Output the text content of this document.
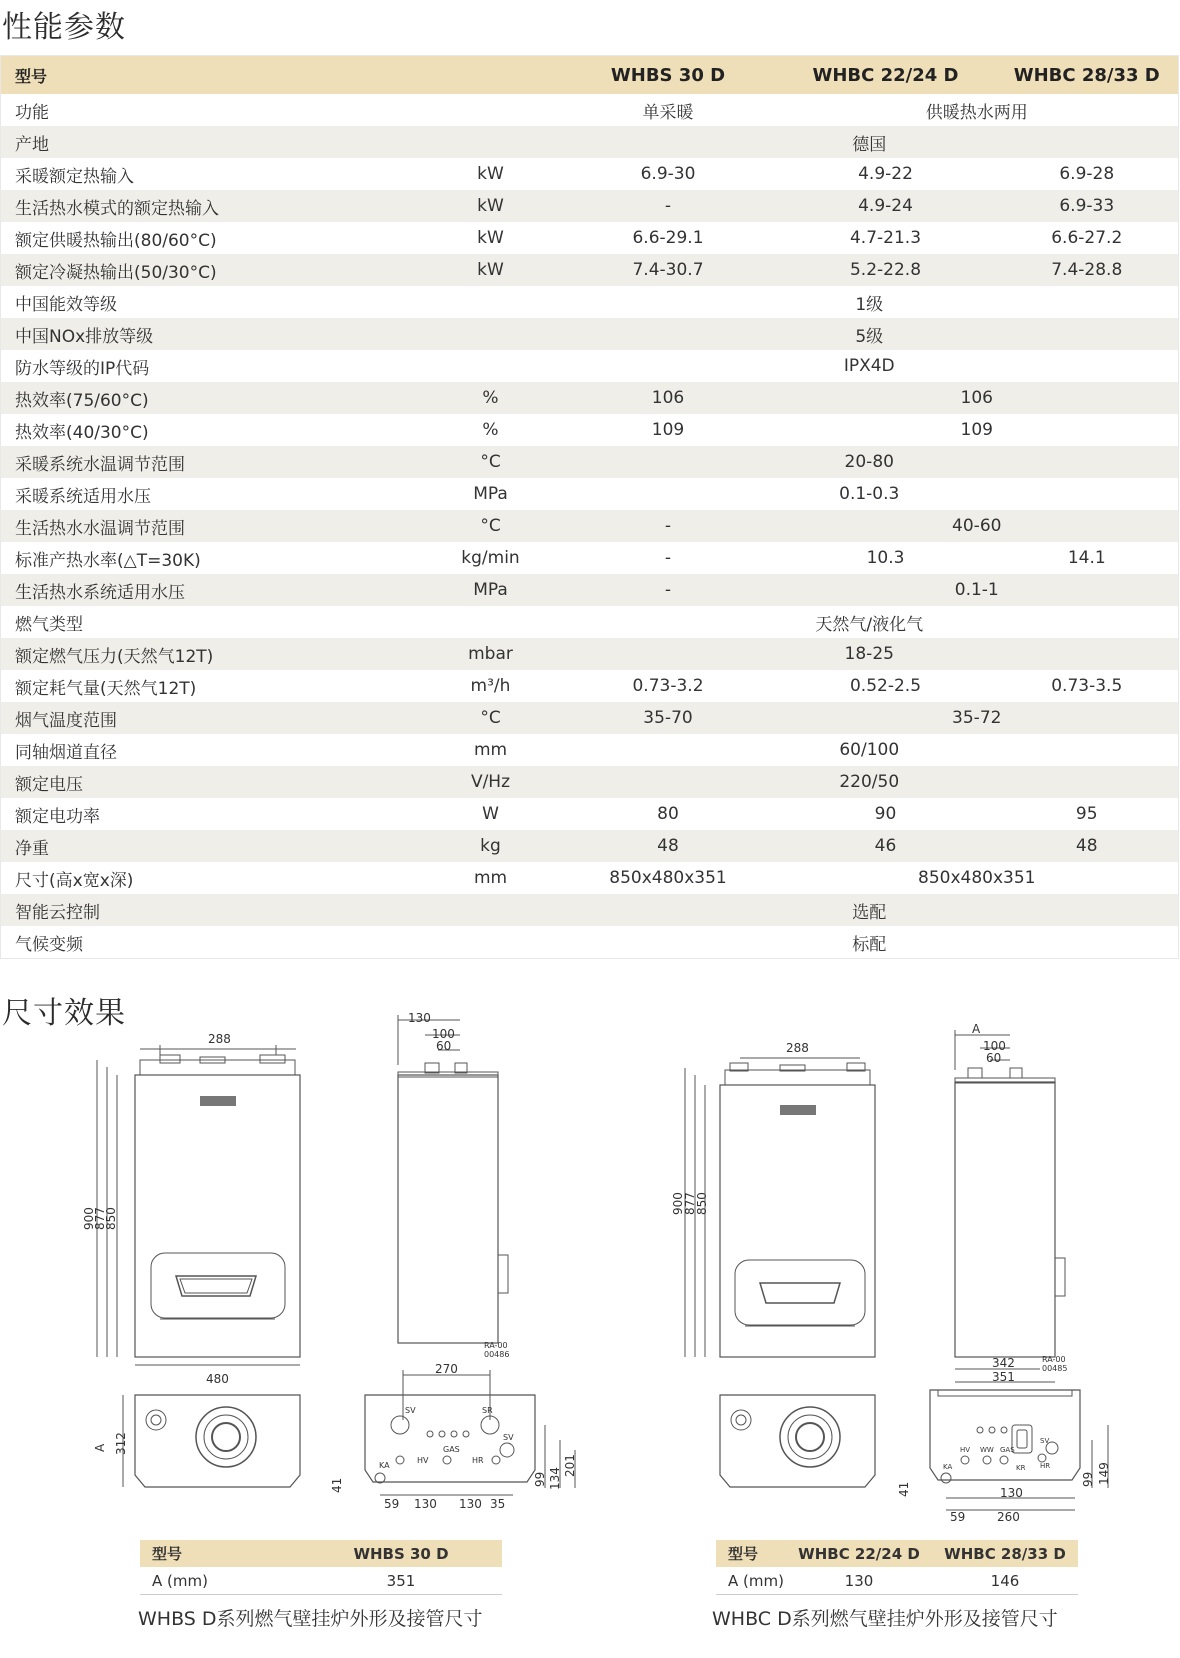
性能参数
型号		WHBS 30 D	WHBC 22/24 D	WHBC 28/33 D
功能		单采暖	供暖热水两用	
产地		德国		
采暖额定热输入	kW	6.9-30	4.9-22	6.9-28
生活热水模式的额定热输入	kW	-	4.9-24	6.9-33
额定供暖热输出(80/60°C)	kW	6.6-29.1	4.7-21.3	6.6-27.2
额定冷凝热输出(50/30°C)	kW	7.4-30.7	5.2-22.8	7.4-28.8
中国能效等级		1级		
中国NOx排放等级		5级		
防水等级的IP代码		IPX4D		
热效率(75/60°C)	%	106	106	
热效率(40/30°C)	%	109	109	
采暖系统水温调节范围	°C	20-80		
采暖系统适用水压	MPa	0.1-0.3		
生活热水水温调节范围	°C	-	40-60	
标准产热水率(△T=30K)	kg/min	-	10.3	14.1
生活热水系统适用水压	MPa	-	0.1-1	
燃气类型		天然气/液化气		
额定燃气压力(天然气12T)	mbar	18-25		
额定耗气量(天然气12T)	m³/h	0.73-3.2	0.52-2.5	0.73-3.5
烟气温度范围	°C	35-70	35-72	
同轴烟道直径	mm	60/100		
额定电压	V/Hz	220/50		
额定电功率	W	80	90	95
净重	kg	48	46	48
尺寸(高x宽x深)	mm	850x480x351	850x480x351	
智能云控制		选配		
气候变频		标配		
尺寸效果
288
480
900
877
850
130
100
60
RA-00
00486
A 312
270
SV	SR
SV
GAS
HV	HR
KA
59 130 130 35
41	99 134
201
288
900
877
850
A
100
60
342
351
RA-00
00485
KA
HV WW GAS
KR
SV
HR
130
260
59
41
99 149
型号	WHBS 30 D
A (mm)	351
型号	WHBC 22/24 D	WHBC 28/33 D
A (mm)	130	146
WHBS D系列燃气壁挂炉外形及接管尺寸	WHBC D系列燃气壁挂炉外形及接管尺寸
